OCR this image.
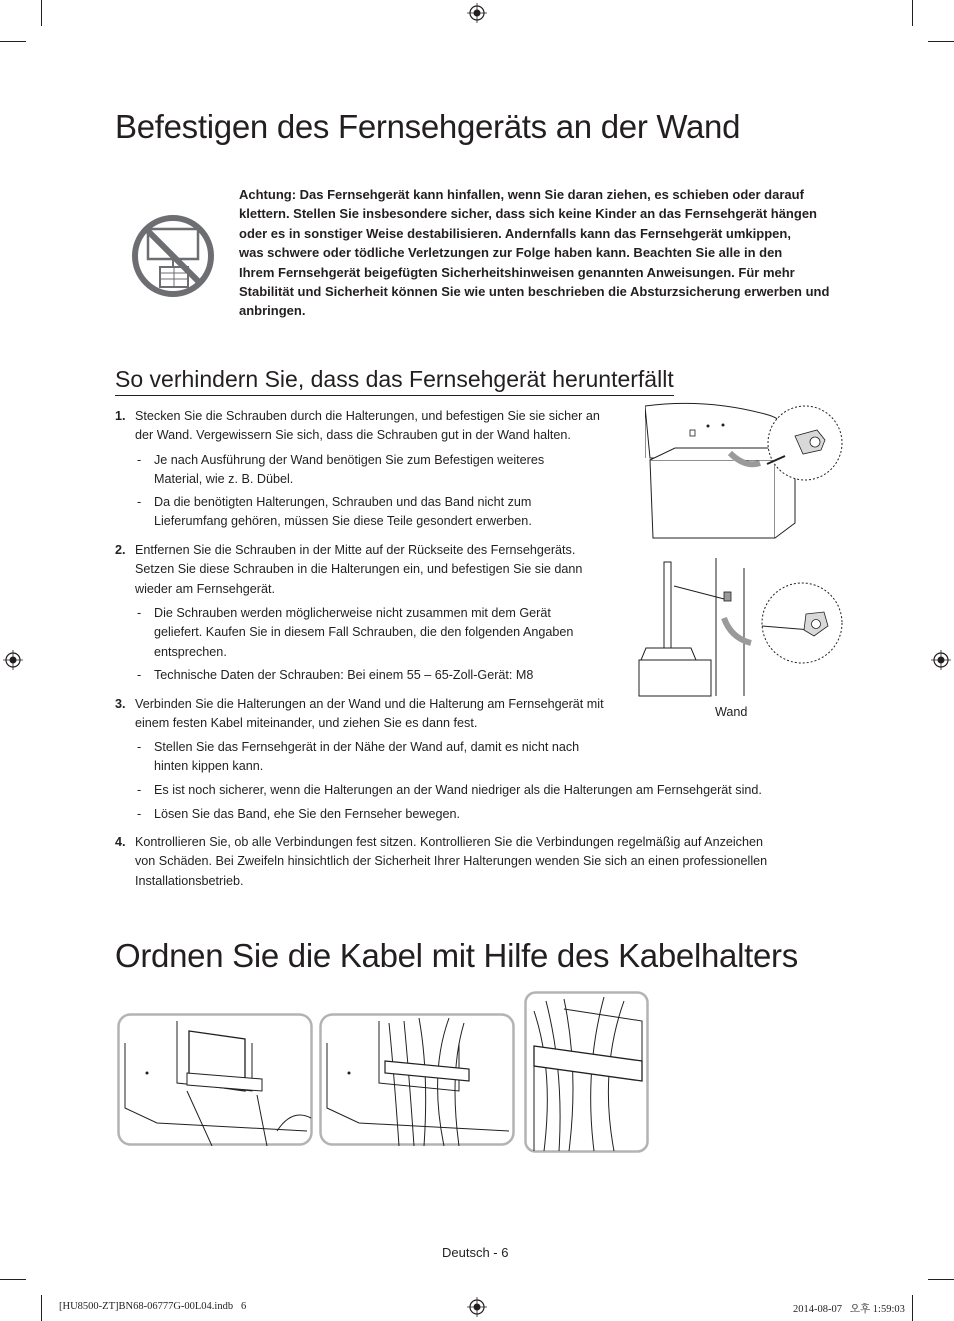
Befestigen des Fernsehgeräts an der Wand
Achtung: Das Fernsehgerät kann hinfallen, wenn Sie daran ziehen, es schieben oder darauf
klettern. Stellen Sie insbesondere sicher, dass sich keine Kinder an das Fernsehgerät hängen
oder es in sonstiger Weise destabilisieren. Andernfalls kann das Fernsehgerät umkippen,
was schwere oder tödliche Verletzungen zur Folge haben kann. Beachten Sie alle in den
Ihrem Fernsehgerät beigefügten Sicherheitshinweisen genannten Anweisungen. Für mehr
Stabilität und Sicherheit können Sie wie unten beschrieben die Absturzsicherung erwerben und
anbringen.
So verhindern Sie, dass das Fernsehgerät herunterfällt
1. Stecken Sie die Schrauben durch die Halterungen, und befestigen Sie sie sicher an
der Wand. Vergewissern Sie sich, dass die Schrauben gut in der Wand halten.
- Je nach Ausführung der Wand benötigen Sie zum Befestigen weiteres
Material, wie z. B. Dübel.
- Da die benötigten Halterungen, Schrauben und das Band nicht zum
Lieferumfang gehören, müssen Sie diese Teile gesondert erwerben.
2. Entfernen Sie die Schrauben in der Mitte auf der Rückseite des Fernsehgeräts.
Setzen Sie diese Schrauben in die Halterungen ein, und befestigen Sie sie dann
wieder am Fernsehgerät.
- Die Schrauben werden möglicherweise nicht zusammen mit dem Gerät
geliefert. Kaufen Sie in diesem Fall Schrauben, die den folgenden Angaben
entsprechen.
- Technische Daten der Schrauben: Bei einem 55 – 65-Zoll-Gerät: M8
3. Verbinden Sie die Halterungen an der Wand und die Halterung am Fernsehgerät mit
einem festen Kabel miteinander, und ziehen Sie es dann fest.
- Stellen Sie das Fernsehgerät in der Nähe der Wand auf, damit es nicht nach
hinten kippen kann.
- Es ist noch sicherer, wenn die Halterungen an der Wand niedriger als die Halterungen am Fernsehgerät sind.
- Lösen Sie das Band, ehe Sie den Fernseher bewegen.
4. Kontrollieren Sie, ob alle Verbindungen fest sitzen. Kontrollieren Sie die Verbindungen regelmäßig auf Anzeichen
von Schäden. Bei Zweifeln hinsichtlich der Sicherheit Ihrer Halterungen wenden Sie sich an einen professionellen
Installationsbetrieb.
Wand
Ordnen Sie die Kabel mit Hilfe des Kabelhalters
Deutsch - 6
[HU8500-ZT]BN68-06777G-00L04.indb   6	2014-08-07   오후 1:59:03
